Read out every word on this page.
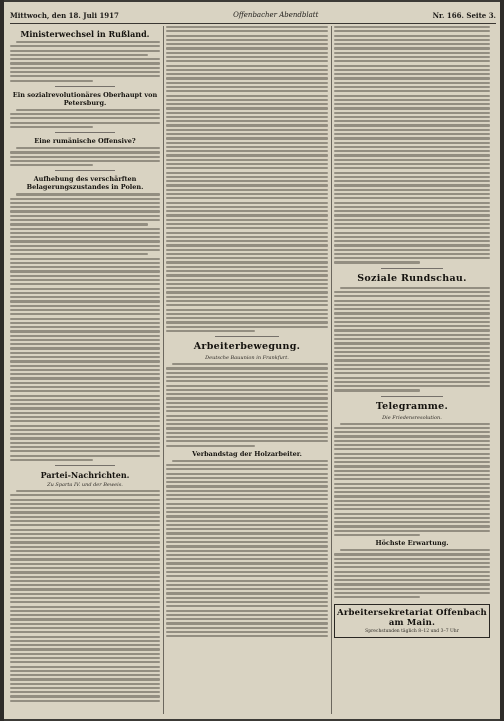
Mittwoch, den 18. Juli 1917	Offenbacher Abendblatt	Nr. 166. Seite 3.
Ministerwechsel in Rußland.
Ein sozialrevolutionäres Oberhaupt von Petersburg.
Eine rumänische Offensive?
Aufhebung des verschärften Belagerungszustandes in Polen.
Partei-Nachrichten.
Zu Sparta IV. und der Beweis.
Arbeiterbewegung.
Deutsche Bauunion in Frankfurt.
Verbandstag der Holzarbeiter.
Soziale Rundschau.
Telegramme.
Die Friedensresolution.
Höchste Erwartung.
Arbeitersekretariat Offenbach am Main.
Sprechstunden täglich 8–12 und 3–7 Uhr
